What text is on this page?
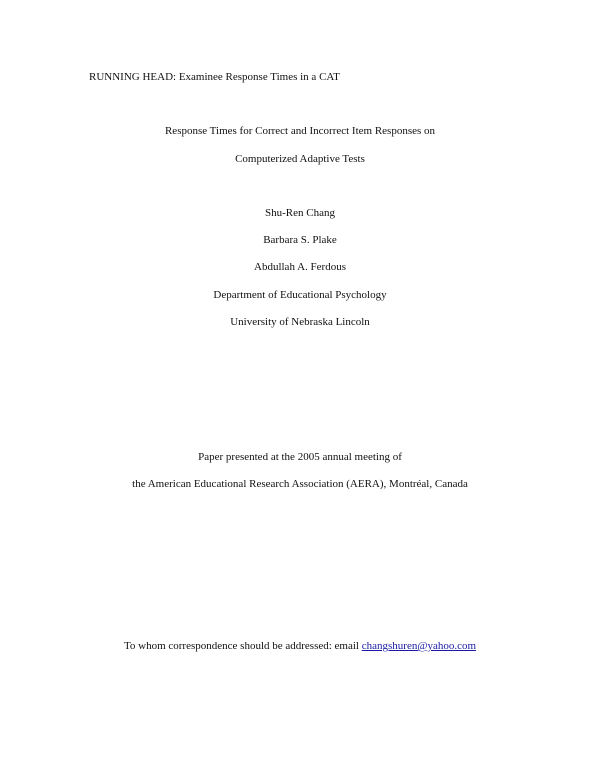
RUNNING HEAD: Examinee Response Times in a CAT
Response Times for Correct and Incorrect Item Responses on
Computerized Adaptive Tests
Shu-Ren Chang
Barbara S. Plake
Abdullah A. Ferdous
Department of Educational Psychology
University of Nebraska Lincoln
Paper presented at the 2005 annual meeting of
the American Educational Research Association (AERA), Montréal, Canada
To whom correspondence should be addressed: email changshuren@yahoo.com
